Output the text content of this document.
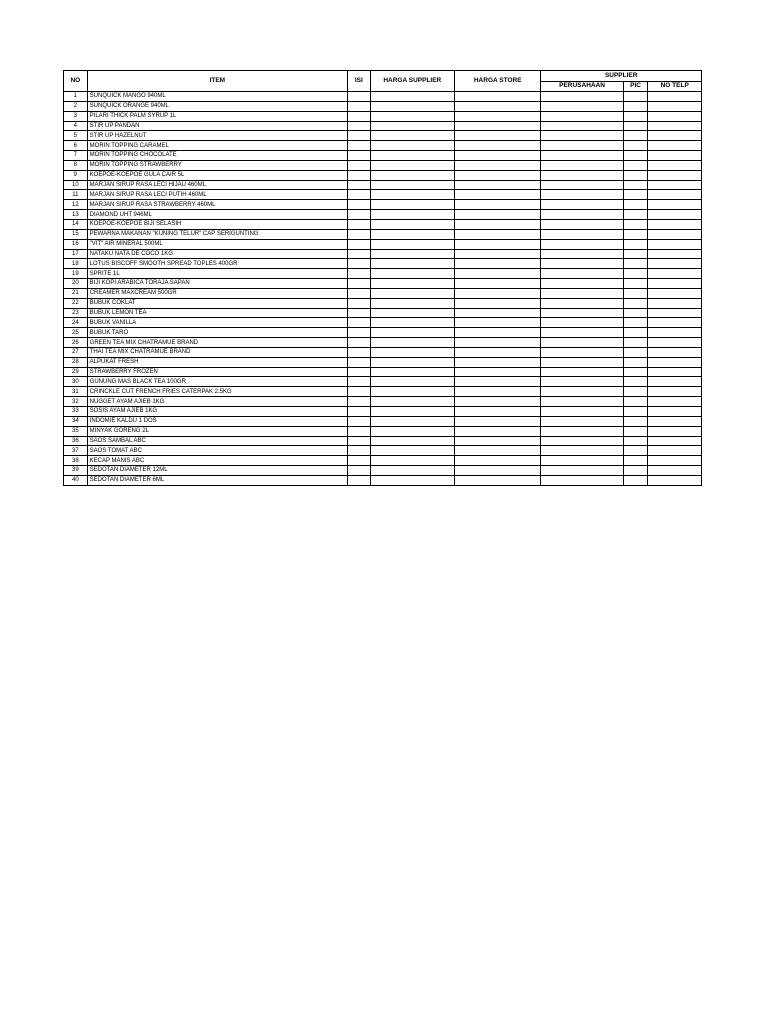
NO	ITEM	ISI	HARGA SUPPLIER	HARGA STORE	SUPPLIER		
					PERUSAHAAN	PIC	NO TELP
1	SUNQUICK MANGO 940ML						
2	SUNQUICK ORANGE 940ML						
3	PILARI THICK PALM SYRUP 1L						
4	STIR UP PANDAN						
5	STIR UP HAZELNUT						
6	MORIN TOPPING CARAMEL						
7	MORIN TOPPING CHOCOLATE						
8	MORIN TOPPING STRAWBERRY						
9	KOEPOE-KOEPOE GULA CAIR 5L						
10	MARJAN SIRUP RASA LECI HIJAU 460ML						
11	MARJAN SIRUP RASA LECI PUTIH 460ML						
12	MARJAN SIRUP RASA STRAWBERRY 460ML						
13	DIAMOND UHT 946ML						
14	KOEPOE-KOEPOE BIJI SELASIH						
15	PEWARNA MAKANAN "KUNING TELUR" CAP SERIGUNTING						
16	"VIT" AIR MINERAL 500ML						
17	NATAKU NATA DE COCO 1KG						
18	LOTUS BISCOFF SMOOTH SPREAD TOPLES 400GR						
19	SPRITE 1L						
20	BIJI KOPI ARABICA TORAJA SAPAN						
21	CREAMER MAXCREAM 500GR						
22	BUBUK COKLAT						
23	BUBUK LEMON TEA						
24	BUBUK VANILLA						
25	BUBUK TARO						
26	GREEN TEA MIX CHATRAMUE BRAND						
27	THAI TEA MIX CHATRAMUE BRAND						
28	ALPUKAT FRESH						
29	STRAWBERRY FROZEN						
30	GUNUNG MAS BLACK TEA 100GR						
31	CRINCKLE CUT FRENCH FRIES CATERPAK 2.5KG						
32	NUGGET AYAM AJIEB 1KG						
33	SOSIS AYAM AJIEB 1KG						
34	INDOMIE KALDU 1 DOS						
35	MINYAK GORENG 2L						
36	SAOS SAMBAL ABC						
37	SAOS TOMAT ABC						
38	KECAP MANIS ABC						
39	SEDOTAN DIAMETER 12ML						
40	SEDOTAN DIAMETER 6ML						
